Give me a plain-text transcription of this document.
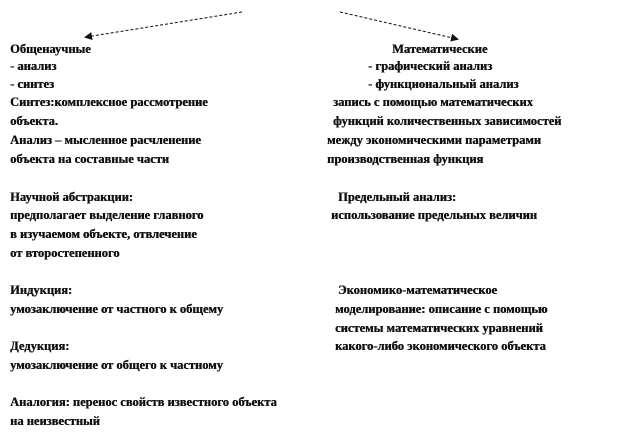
Общенаучные
- анализ
- синтез
Синтез:комплексное рассмотрение
объекта.
Анализ – мысленное расчленение
объекта на составные части
Научной абстракции:
предполагает выделение главного
в изучаемом объекте, отвлечение
от второстепенного
Индукция:
умозаключение от частного к общему
Дедукция:
умозаключение от общего к частному
Аналогия: перенос свойств известного объекта
на неизвестный
Математические
- графический анализ
- функциональный анализ
запись с помощью математических
функций количественных зависимостей
между экономическими параметрами
производственная функция
Предельный анализ:
использование предельных величин
Экономико-математическое
моделирование: описание с помощью
системы математических уравнений
какого-либо экономического объекта
